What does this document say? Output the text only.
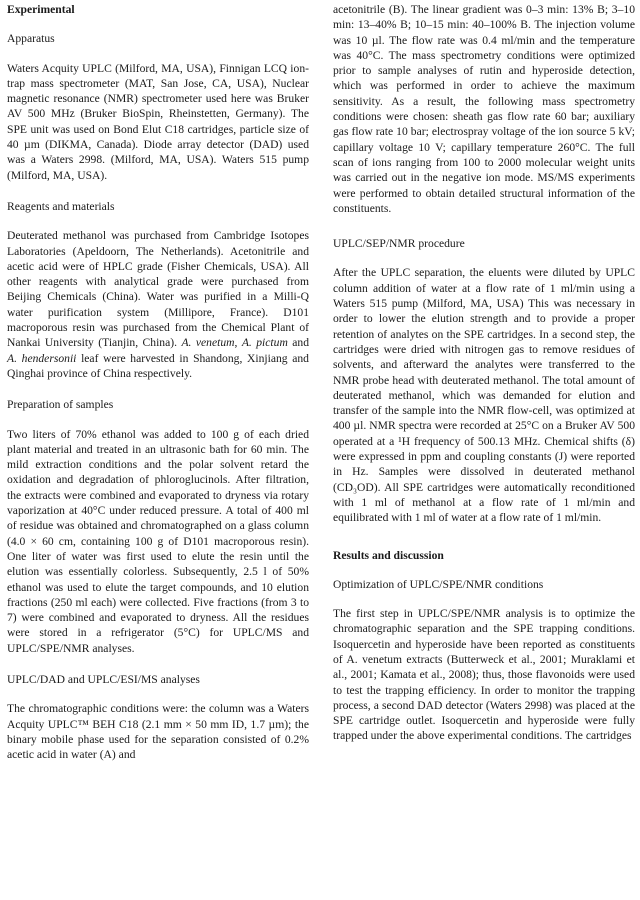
Experimental
Apparatus

Waters Acquity UPLC (Milford, MA, USA), Finnigan LCQ ion-trap mass spectrometer (MAT, San Jose, CA, USA), Nuclear magnetic resonance (NMR) spectrometer used here was Bruker AV 500 MHz (Bruker BioSpin, Rheinstetten, Germany). The SPE unit was used on Bond Elut C18 cartridges, particle size of 40 µm (DIKMA, Canada). Diode array detector (DAD) used was a Waters 2998. (Milford, MA, USA). Waters 515 pump (Milford, MA, USA).

Reagents and materials

Deuterated methanol was purchased from Cambridge Isotopes Laboratories (Apeldoorn, The Netherlands). Acetonitrile and acetic acid were of HPLC grade (Fisher Chemicals, USA). All other reagents with analytical grade were purchased from Beijing Chemicals (China). Water was purified in a Milli-Q water purification system (Millipore, France). D101 macroporous resin was purchased from the Chemical Plant of Nankai University (Tianjin, China). A. venetum, A. pictum and A. hendersonii leaf were harvested in Shandong, Xinjiang and Qinghai province of China respectively.

Preparation of samples

Two liters of 70% ethanol was added to 100 g of each dried plant material and treated in an ultrasonic bath for 60 min. The mild extraction conditions and the polar solvent retard the oxidation and degradation of phloroglucinols. After filtration, the extracts were combined and evaporated to dryness via rotary vaporization at 40°C under reduced pressure. A total of 400 ml of residue was obtained and chromatographed on a glass column (4.0 × 60 cm, containing 100 g of D101 macroporous resin). One liter of water was first used to elute the resin until the elution was essentially colorless. Subsequently, 2.5 l of 50% ethanol was used to elute the target compounds, and 10 elution fractions (250 ml each) were collected. Five fractions (from 3 to 7) were combined and evaporated to dryness. All the residues were stored in a refrigerator (5°C) for UPLC/MS and UPLC/SPE/NMR analyses.

UPLC/DAD and UPLC/ESI/MS analyses

The chromatographic conditions were: the column was a Waters Acquity UPLC™ BEH C18 (2.1 mm × 50 mm ID, 1.7 µm); the binary mobile phase used for the separation consisted of 0.2% acetic acid in water (A) and

acetonitrile (B). The linear gradient was 0–3 min: 13% B; 3–10 min: 13–40% B; 10–15 min: 40–100% B. The injection volume was 10 µl. The flow rate was 0.4 ml/min and the temperature was 40°C. The mass spectrometry conditions were optimized prior to sample analyses of rutin and hyperoside detection, which was performed in order to achieve the maximum sensitivity. As a result, the following mass spectrometry conditions were chosen: sheath gas flow rate 60 bar; auxiliary gas flow rate 10 bar; electrospray voltage of the ion source 5 kV; capillary voltage 10 V; capillary temperature 260°C. The full scan of ions ranging from 100 to 2000 molecular weight units was carried out in the negative ion mode. MS/MS experiments were performed to obtain detailed structural information of the constituents.

UPLC/SEP/NMR procedure

After the UPLC separation, the eluents were diluted by UPLC column addition of water at a flow rate of 1 ml/min using a Waters 515 pump (Milford, MA, USA) This was necessary in order to lower the elution strength and to provide a proper retention of analytes on the SPE cartridges. In a second step, the cartridges were dried with nitrogen gas to remove residues of solvents, and afterward the analytes were transferred to the NMR probe head with deuterated methanol. The total amount of deuterated methanol, which was demanded for elution and transfer of the sample into the NMR flow-cell, was optimized at 400 µl. NMR spectra were recorded at 25°C on a Bruker AV 500 operated at a ¹H frequency of 500.13 MHz. Chemical shifts (δ) were expressed in ppm and coupling constants (J) were reported in Hz. Samples were dissolved in deuterated methanol (CD₃OD). All SPE cartridges were automatically reconditioned with 1 ml of methanol at a flow rate of 1 ml/min and equilibrated with 1 ml of water at a flow rate of 1 ml/min.

Results and discussion
Optimization of UPLC/SPE/NMR conditions

The first step in UPLC/SPE/NMR analysis is to optimize the chromatographic separation and the SPE trapping conditions. Isoquercetin and hyperoside have been reported as constituents of A. venetum extracts (Butterweck et al., 2001; Muraklami et al., 2001; Kamata et al., 2008); thus, those flavonoids were used to test the trapping efficiency. In order to monitor the trapping process, a second DAD detector (Waters 2998) was placed at the SPE cartridge outlet. Isoquercetin and hyperoside were fully trapped under the above experimental conditions. The cartridges
